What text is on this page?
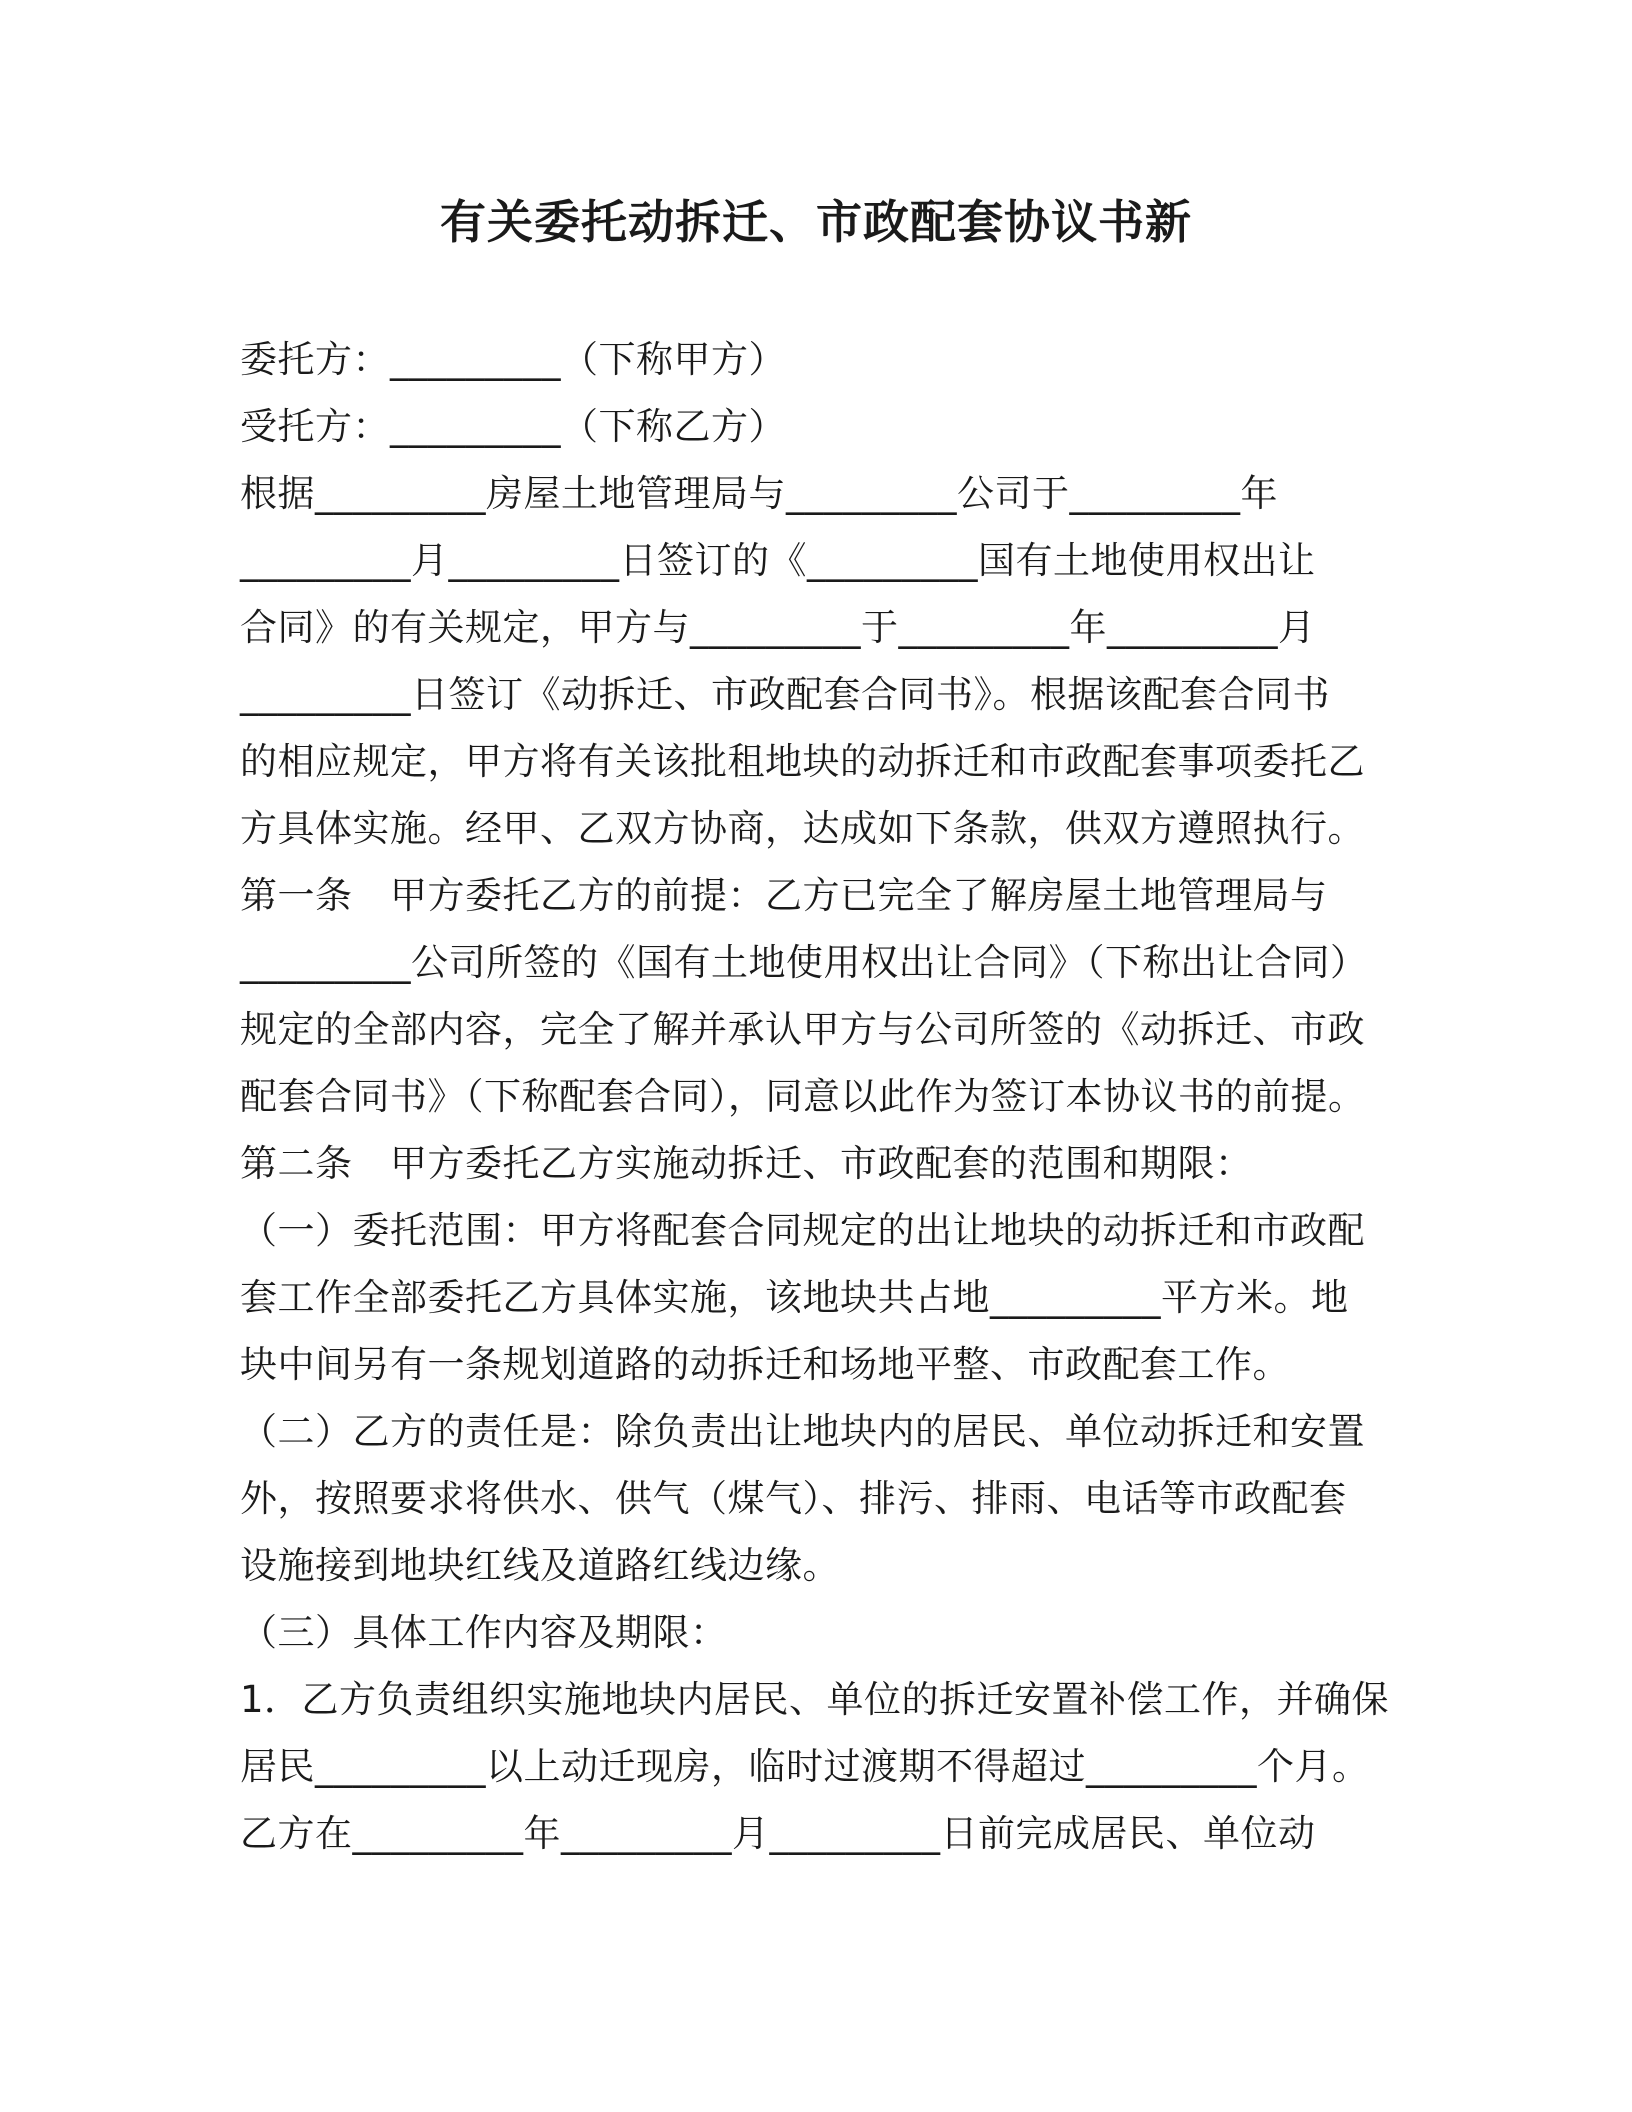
有关委托动拆迁、市政配套协议书新
委托方：_________（下称甲方）
受托方：_________（下称乙方）
根据_________房屋土地管理局与_________公司于_________年
_________月_________日签订的《_________国有土地使用权出让
合同》的有关规定，甲方与_________于_________年_________月
_________日签订《动拆迁、市政配套合同书》。根据该配套合同书
的相应规定，甲方将有关该批租地块的动拆迁和市政配套事项委托乙
方具体实施。经甲、乙双方协商，达成如下条款，供双方遵照执行。
第一条　甲方委托乙方的前提：乙方已完全了解房屋土地管理局与
_________公司所签的《国有土地使用权出让合同》（下称出让合同）
规定的全部内容，完全了解并承认甲方与公司所签的《动拆迁、市政
配套合同书》（下称配套合同），同意以此作为签订本协议书的前提。
第二条　甲方委托乙方实施动拆迁、市政配套的范围和期限：
（一）委托范围：甲方将配套合同规定的出让地块的动拆迁和市政配
套工作全部委托乙方具体实施，该地块共占地_________平方米。地
块中间另有一条规划道路的动拆迁和场地平整、市政配套工作。
（二）乙方的责任是：除负责出让地块内的居民、单位动拆迁和安置
外，按照要求将供水、供气（煤气）、排污、排雨、电话等市政配套
设施接到地块红线及道路红线边缘。
（三）具体工作内容及期限：
1．乙方负责组织实施地块内居民、单位的拆迁安置补偿工作，并确保
居民_________以上动迁现房，临时过渡期不得超过_________个月。
乙方在_________年_________月_________日前完成居民、单位动
